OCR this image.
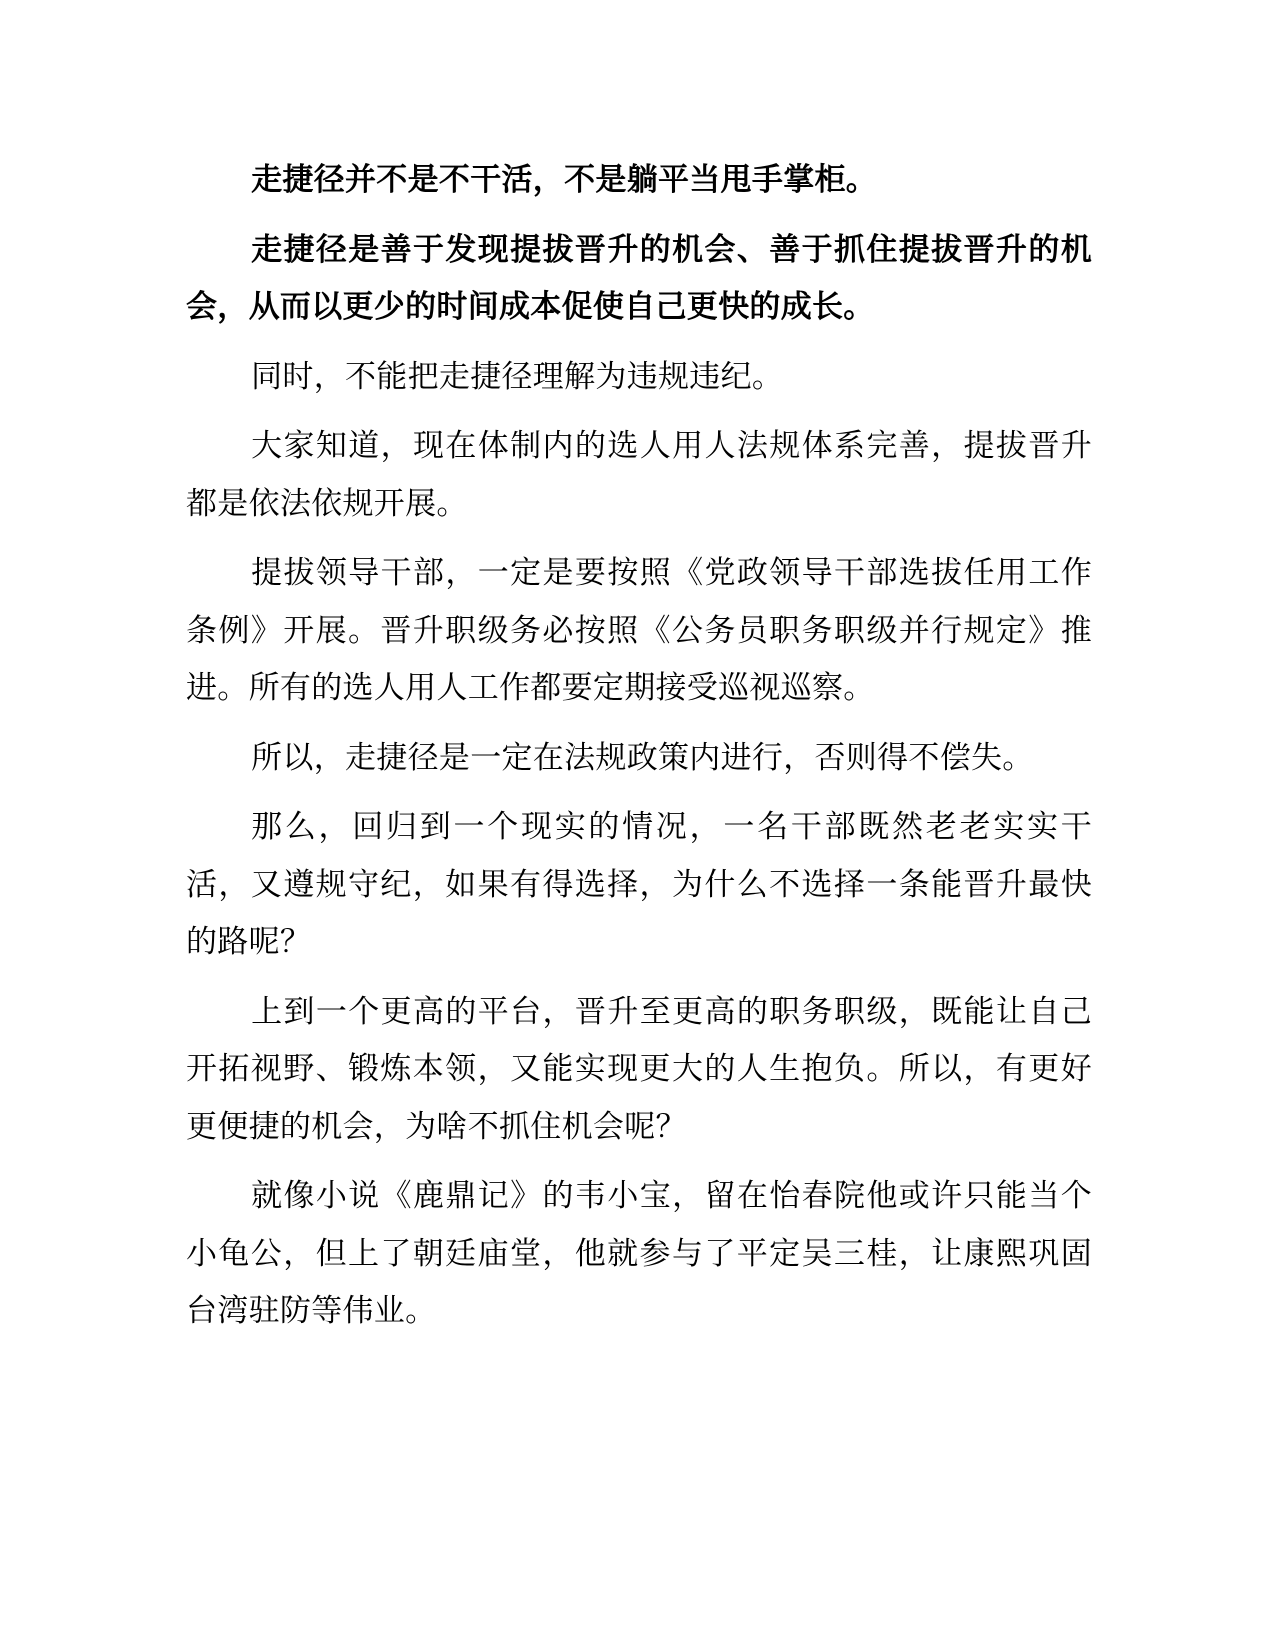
走捷径并不是不干活，不是躺平当甩手掌柜。

走捷径是善于发现提拔晋升的机会、善于抓住提拔晋升的机会，从而以更少的时间成本促使自己更快的成长。

同时，不能把走捷径理解为违规违纪。

大家知道，现在体制内的选人用人法规体系完善，提拔晋升都是依法依规开展。

提拔领导干部，一定是要按照《党政领导干部选拔任用工作条例》开展。晋升职级务必按照《公务员职务职级并行规定》推进。所有的选人用人工作都要定期接受巡视巡察。

所以，走捷径是一定在法规政策内进行，否则得不偿失。

那么，回归到一个现实的情况，一名干部既然老老实实干活，又遵规守纪，如果有得选择，为什么不选择一条能晋升最快的路呢？

上到一个更高的平台，晋升至更高的职务职级，既能让自己开拓视野、锻炼本领，又能实现更大的人生抱负。所以，有更好更便捷的机会，为啥不抓住机会呢？

就像小说《鹿鼎记》的韦小宝，留在怡春院他或许只能当个小龟公，但上了朝廷庙堂，他就参与了平定吴三桂，让康熙巩固台湾驻防等伟业。
